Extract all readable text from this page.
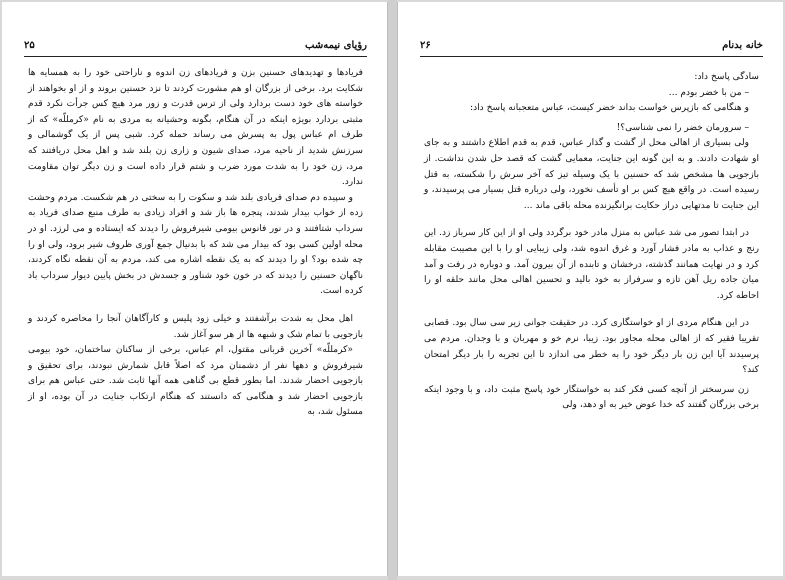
رؤیای نیمه‌شب
۲۵

فریادها و تهدیدهای حسنین بزن و فریادهای زن اندوه و ناراحتی خود را به همسایه ها شکایت برد. برخی از بزرگان او هم مشورت کردند تا نزد حسنین بروند و از او بخواهند از خواسته های خود دست بردارد ولی از ترس قدرت و زور مرد هیچ کس جرأت نکرد قدم مثبتی بردارد بویژه اینکه در آن هنگام، بگونه وحشیانه به مردی به نام «کرمللّه» که از طرف ام عباس پول به پسرش می رساند حمله کرد. شبی پس از یک گوشمالی و سرزنش شدید از ناحیه مرد، صدای شیون و زاری زن بلند شد و اهل محل دریافتند که مرد، زن خود را به شدت مورد ضرب و شتم قرار داده است و زن دیگر توان مقاومت ندارد.

و سپیده دم صدای فریادی بلند شد و سکوت را به سختی در هم شکست. مردم وحشت زده از خواب بیدار شدند، پنجره ها باز شد و افراد زیادی به طرف منبع صدای فریاد به سرداب شتافتند و در نور فانوس بیومی شیرفروش را دیدند که ایستاده و می لرزد. او در محله اولین کسی بود که بیدار می شد که با بدنیال جمع آوری ظروف شیر برود، ولی او را چه شده بود؟ او را دیدند که به یک نقطه اشاره می کند، مردم به آن نقطه نگاه کردند، ناگهان حسنین را دیدند که در خون خود شناور و جسدش در بخش پایین دیوار سرداب باد کرده است.

اهل محل به شدت برآشفتند و خیلی زود پلیس و کارآگاهان آنجا را محاصره کردند و بازجویی با تمام شک و شبهه ها از هر سو آغاز شد.

«کرمللّه» آخرین قربانی مقتول، ام عباس، برخی از ساکنان ساختمان، خود بیومی شیرفروش و دهها نفر از دشمنان مرد که اصلاً قابل شمارش نبودند، برای تحقیق و بازجویی احضار شدند. اما بطور قطع بی گناهی همه آنها ثابت شد. حتی عباس هم برای بازجویی احضار شد و هنگامی که دانستند که هنگام ارتکاب جنایت در آن بوده، او از مسئول شد، به

خانه بدنام
۲۶

سادگی پاسخ داد:

– من با خضر بودم ...

و هنگامی که بازپرس خواست بداند خضر کیست، عباس متعجبانه پاسخ داد:

– سرورمان خضر را نمی شناسی؟!

ولی بسیاری از اهالی محل از گشت و گذار عباس، قدم به قدم اطلاع داشتند و به جای او شهادت دادند. و به این گونه این جنایت، معمایی گشت که قصد حل شدن نداشت. از بازجویی ها مشخص شد که حسنین با یک وسیله تیز که آخر سرش را شکسته، به قتل رسیده است. در واقع هیچ کس بر او تأسف نخورد، ولی درباره قتل بسیار می پرسیدند، و این جنایت تا مدتهایی دراز حکایت برانگیزنده محله باقی ماند ...

در ابتدا تصور می شد عباس به منزل مادر خود برگردد ولی او از این کار سرباز زد. این رنج و عذاب به مادر فشار آورد و غرق اندوه شد، ولی زیبایی او را با این مصیبت مقابله کرد و در نهایت همانند گذشته، درخشان و تابنده از آن بیرون آمد. و دوباره در رفت و آمد میان جاده ریل آهن تازه و سرفراز به خود بالید و تحسین اهالی محل مانند حلقه او را احاطه کرد.

در این هنگام مردی از او خواستگاری کرد. در حقیقت جوانی زیر سی سال بود. قصابی تقریبا فقیر که از اهالی محله مجاور بود. زیبا، نرم خو و مهربان و با وجدان. مردم می پرسیدند آیا این زن بار دیگر خود را به خطر می اندازد تا این تجربه را بار دیگر امتحان کند؟

زن سرسختر از آنچه کسی فکر کند به خواستگار خود پاسخ مثبت داد، و با وجود اینکه برخی بزرگان گفتند که خدا عوض خیر به او دهد، ولی
